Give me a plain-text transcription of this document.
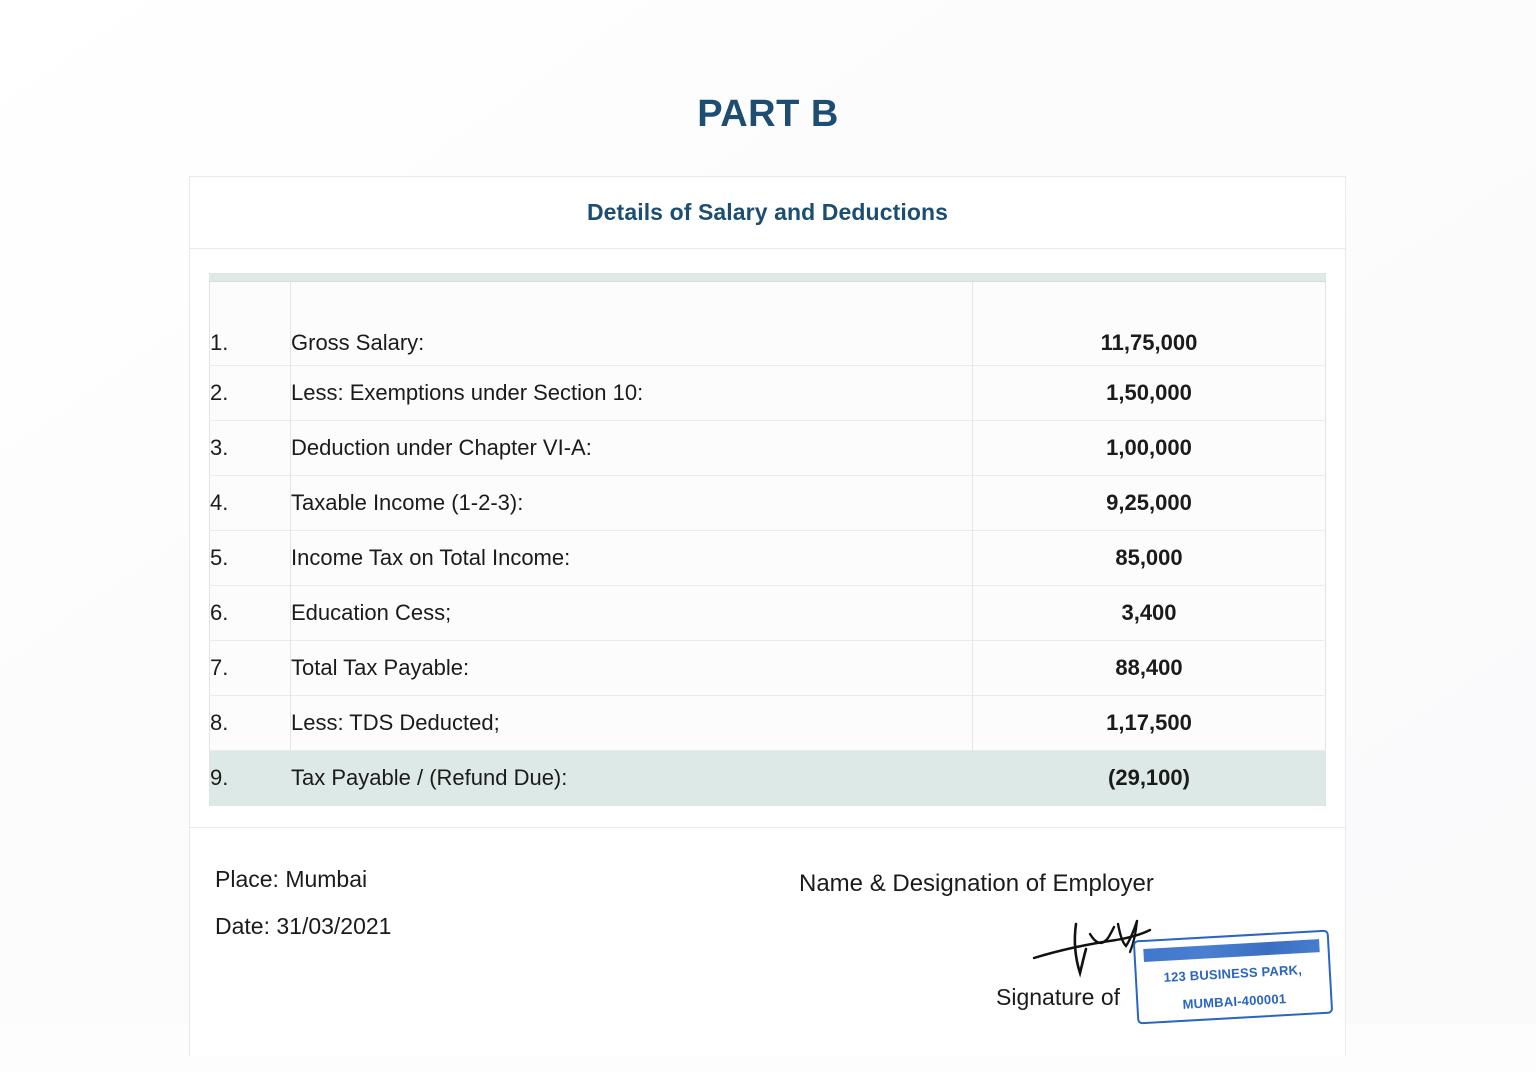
PART B
Details of Salary and Deductions

1.	Gross Salary:	11,75,000
2.	Less: Exemptions under Section 10:	1,50,000
3.	Deduction under Chapter VI-A:	1,00,000
4.	Taxable Income (1-2-3):	9,25,000
5.	Income Tax on Total Income:	85,000
6.	Education Cess;	3,400
7.	Total Tax Payable:	88,400
8.	Less: TDS Deducted;	1,17,500
9.	Tax Payable / (Refund Due):	(29,100)
Place: Mumbai
Date: 31/03/2021
Name & Designation of Employer
Signature of
123 BUSINESS PARK,
MUMBAI-400001
